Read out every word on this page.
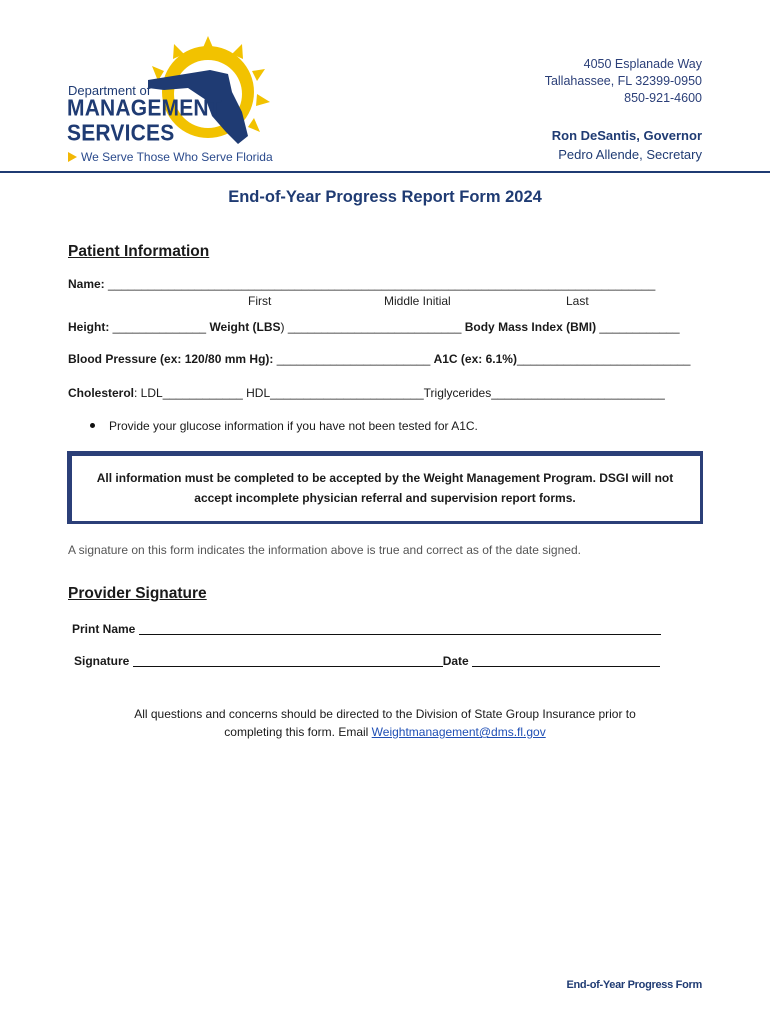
Department of
MANAGEMENT
SERVICES
We Serve Those Who Serve Florida
4050 Esplanade Way
Tallahassee, FL 32399-0950
850-921-4600
Ron DeSantis, Governor
Pedro Allende, Secretary
End-of-Year Progress Report Form 2024
Patient Information
Name: __________________________________________________________________________________
First	Middle Initial	Last
Height: ______________ Weight (LBS) __________________________ Body Mass Index (BMI) ____________
Blood Pressure (ex: 120/80 mm Hg): _______________________ A1C (ex: 6.1%)__________________________
Cholesterol: LDL____________ HDL_______________________Triglycerides__________________________
Provide your glucose information if you have not been tested for A1C.
All information must be completed to be accepted by the Weight Management Program. DSGI will not accept incomplete physician referral and supervision report forms.
A signature on this form indicates the information above is true and correct as of the date signed.
Provider Signature
Print Name
Signature	Date
All questions and concerns should be directed to the Division of State Group Insurance prior to
completing this form. Email Weightmanagement@dms.fl.gov
End-of-Year Progress Form
